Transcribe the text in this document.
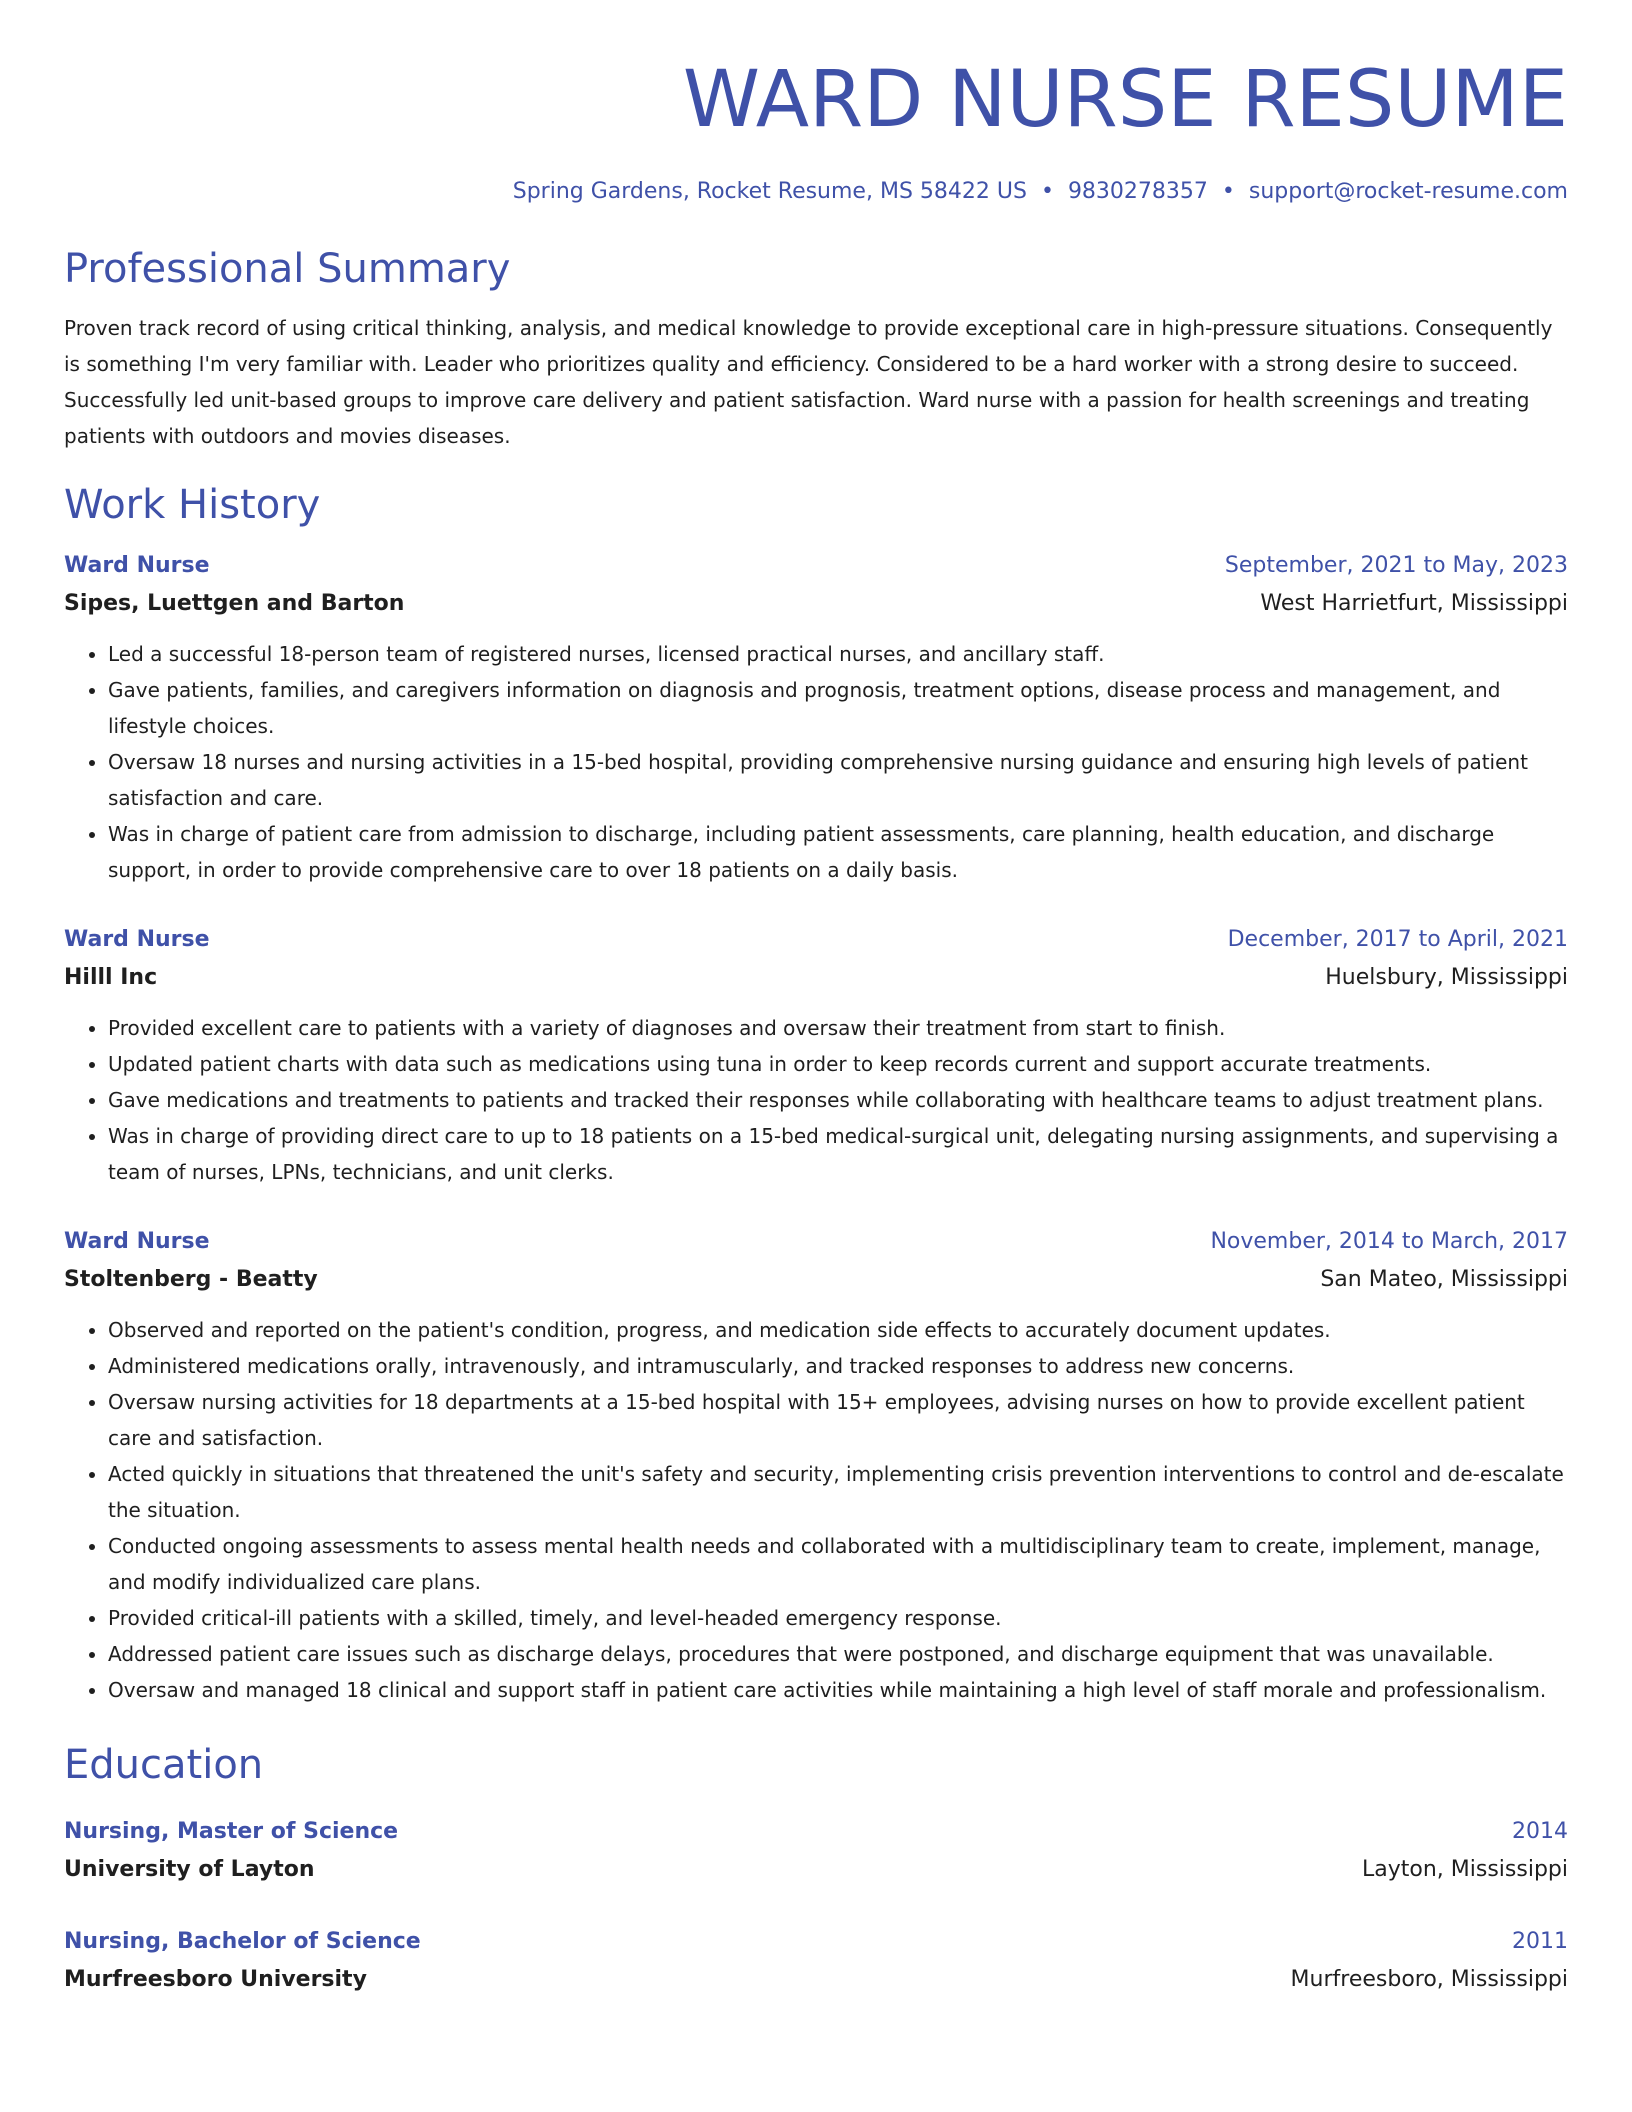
WARD NURSE RESUME
Spring Gardens, Rocket Resume, MS 58422 US • 9830278357 • support@rocket-resume.com
Professional Summary
Proven track record of using critical thinking, analysis, and medical knowledge to provide exceptional care in high-pressure situations. Consequently is something I'm very familiar with. Leader who prioritizes quality and efficiency. Considered to be a hard worker with a strong desire to succeed. Successfully led unit-based groups to improve care delivery and patient satisfaction. Ward nurse with a passion for health screenings and treating patients with outdoors and movies diseases.
Work History
Ward Nurse	September, 2021 to May, 2023
Sipes, Luettgen and Barton	West Harrietfurt, Mississippi
• Led a successful 18-person team of registered nurses, licensed practical nurses, and ancillary staff.
• Gave patients, families, and caregivers information on diagnosis and prognosis, treatment options, disease process and management, and lifestyle choices.
• Oversaw 18 nurses and nursing activities in a 15-bed hospital, providing comprehensive nursing guidance and ensuring high levels of patient satisfaction and care.
• Was in charge of patient care from admission to discharge, including patient assessments, care planning, health education, and discharge support, in order to provide comprehensive care to over 18 patients on a daily basis.
Ward Nurse	December, 2017 to April, 2021
Hilll Inc	Huelsbury, Mississippi
• Provided excellent care to patients with a variety of diagnoses and oversaw their treatment from start to finish.
• Updated patient charts with data such as medications using tuna in order to keep records current and support accurate treatments.
• Gave medications and treatments to patients and tracked their responses while collaborating with healthcare teams to adjust treatment plans.
• Was in charge of providing direct care to up to 18 patients on a 15-bed medical-surgical unit, delegating nursing assignments, and supervising a team of nurses, LPNs, technicians, and unit clerks.
Ward Nurse	November, 2014 to March, 2017
Stoltenberg - Beatty	San Mateo, Mississippi
• Observed and reported on the patient's condition, progress, and medication side effects to accurately document updates.
• Administered medications orally, intravenously, and intramuscularly, and tracked responses to address new concerns.
• Oversaw nursing activities for 18 departments at a 15-bed hospital with 15+ employees, advising nurses on how to provide excellent patient care and satisfaction.
• Acted quickly in situations that threatened the unit's safety and security, implementing crisis prevention interventions to control and de-escalate the situation.
• Conducted ongoing assessments to assess mental health needs and collaborated with a multidisciplinary team to create, implement, manage, and modify individualized care plans.
• Provided critical-ill patients with a skilled, timely, and level-headed emergency response.
• Addressed patient care issues such as discharge delays, procedures that were postponed, and discharge equipment that was unavailable.
• Oversaw and managed 18 clinical and support staff in patient care activities while maintaining a high level of staff morale and professionalism.
Education
Nursing, Master of Science	2014
University of Layton	Layton, Mississippi
Nursing, Bachelor of Science	2011
Murfreesboro University	Murfreesboro, Mississippi
